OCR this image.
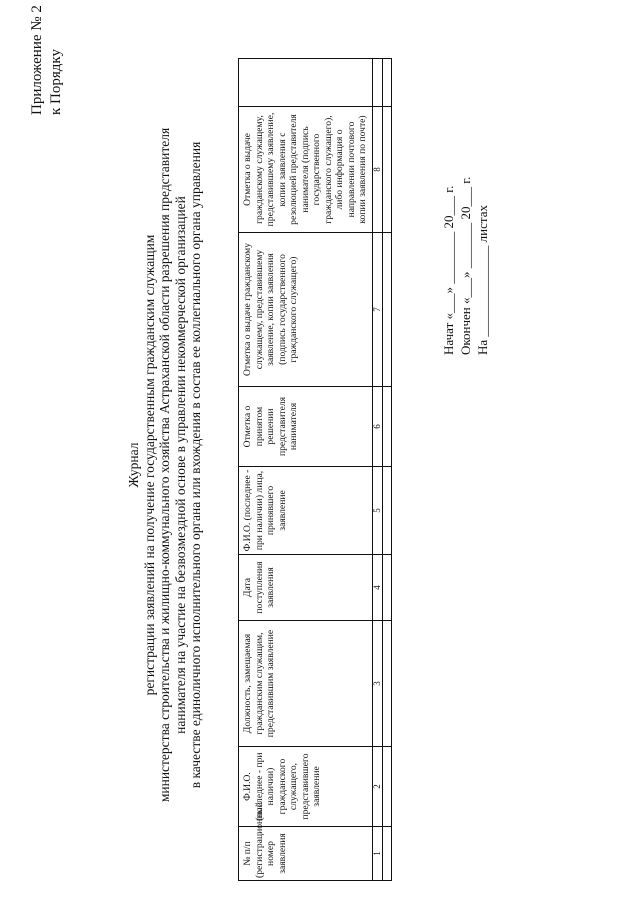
Приложение № 2 к Порядку
Журнал регистрации заявлений на получение государственным гражданским служащим министерства строительства и жилищно-коммунального хозяйства Астраханской области разрешения представителя нанимателя на участие на безвозмездной основе в управлении некоммерческой организацией в качестве единоличного исполнительного органа или вхождения в состав ее коллегиального органа управления
№ п/п (регистрационный номер заявления	Ф.И.О. (последнее - при наличии) гражданского служащего, представившего заявление	Должность, замещаемая гражданским служащим, представившим заявление	Дата поступления заявления	Ф.И.О. (последнее - при наличии) лица, принявшего заявление	Отметка о принятом решении представителя нанимателя	Отметка о выдаче гражданскому служащему, представившему заявление, копии заявления (подпись государственного гражданского служащего)	Отметка о выдаче гражданскому служащему, представившему заявление, копии заявления с резолюцией представителя нанимателя (подпись государственного гражданского служащего), либо информация о направлении почтового копии заявления по почте)	
1	2	3	4	5	6	7	8	

Начат «___» ________ 20___ г. Окончен «___» _______ 20___ г. На ______________ листах
